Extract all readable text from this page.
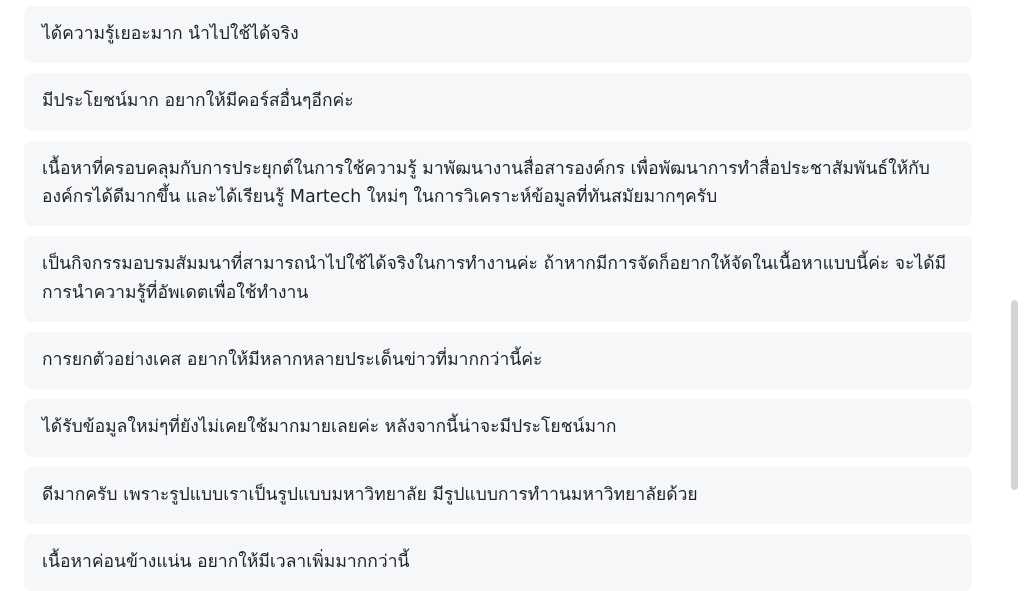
ได้ความรู้เยอะมาก นำไปใช้ได้จริง
มีประโยชน์มาก อยากให้มีคอร์สอื่นๆอีกค่ะ
เนื้อหาที่ครอบคลุมกับการประยุกต์ในการใช้ความรู้ มาพัฒนางานสื่อสารองค์กร เพื่อพัฒนาการทำสื่อประชาสัมพันธ์ให้กับองค์กรได้ดีมากขึ้น และได้เรียนรู้ Martech ใหม่ๆ ในการวิเคราะห์ข้อมูลที่ทันสมัยมากๆครับ
เป็นกิจกรรมอบรมสัมมนาที่สามารถนำไปใช้ได้จริงในการทำงานค่ะ ถ้าหากมีการจัดก็อยากให้จัดในเนื้อหาแบบนี้ค่ะ จะได้มีการนำความรู้ที่อัพเดตเพื่อใช้ทำงาน
การยกตัวอย่างเคส อยากให้มีหลากหลายประเด็นข่าวที่มากกว่านี้ค่ะ
ได้รับข้อมูลใหม่ๆที่ยังไม่เคยใช้มากมายเลยค่ะ หลังจากนี้น่าจะมีประโยชน์มาก
ดีมากครับ เพราะรูปแบบเราเป็นรูปแบบมหาวิทยาลัย มีรูปแบบการทำานมหาวิทยาลัยด้วย
เนื้อหาค่อนข้างแน่น อยากให้มีเวลาเพิ่มมากกว่านี้
